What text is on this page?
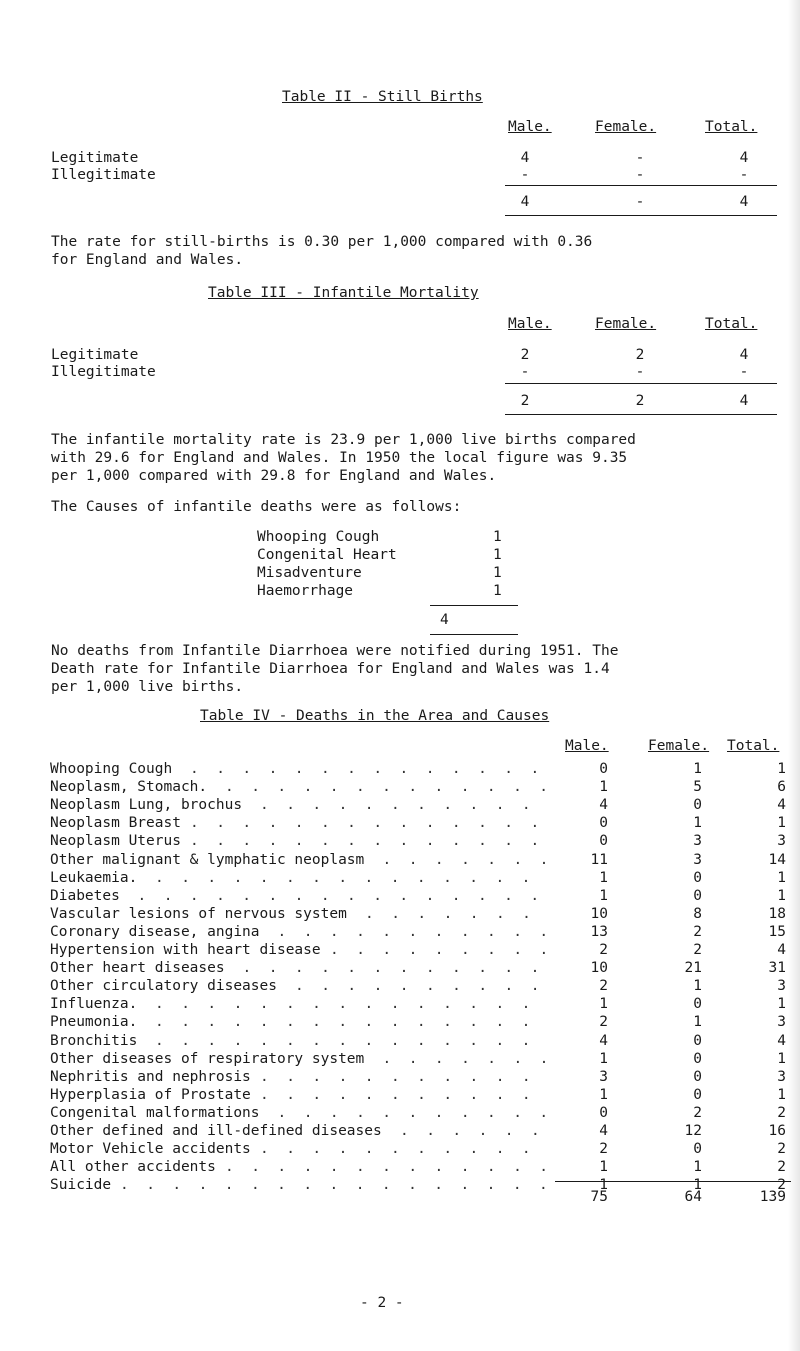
Table II - Still Births
Male.	Female.	Total.
Legitimate	4	-	4
Illegitimate	-	-	-
4	-	4
The rate for still-births is 0.30 per 1,000 compared with 0.36
for England and Wales.
Table III - Infantile Mortality
Male.	Female.	Total.
Legitimate	2	2	4
Illegitimate	-	-	-
2	2	4
The infantile mortality rate is 23.9 per 1,000 live births compared
with 29.6 for England and Wales. In 1950 the local figure was 9.35
per 1,000 compared with 29.8 for England and Wales.
The Causes of infantile deaths were as follows:
Whooping Cough	1
Congenital Heart	1
Misadventure	1
Haemorrhage	1
4
No deaths from Infantile Diarrhoea were notified during 1951. The
Death rate for Infantile Diarrhoea for England and Wales was 1.4
per 1,000 live births.
Table IV - Deaths in the Area and Causes
Male.	Female. Total.
.  .  .  .  .  .  .  .  .  .  .  .  .  .
Whooping Cough	0	1	1
.  .  .  .  .  .  .  .  .  .  .  .  .
Neoplasm, Stomach.	1	5	6
.  .  .  .  .  .  .  .  .  .  .
Neoplasm Lung, brochus	4	0	4
.  .  .  .  .  .  .  .  .  .  .  .  .  .
Neoplasm Breast	0	1	1
.  .  .  .  .  .  .  .  .  .  .  .  .  .
Neoplasm Uterus	0	3	3
.  .  .  .  .  .  .
Other malignant & lymphatic neoplasm	11	3	14
.  .  .  .  .  .  .  .  .  .  .  .  .  .  .
Leukaemia.	1	0	1
.  .  .  .  .  .  .  .  .  .  .  .  .  .  .  .
Diabetes	1	0	1
.  .  .  .  .  .  .
Vascular lesions of nervous system	10	8	18
.  .  .  .  .  .  .  .  .  .  .
Coronary disease, angina	13	2	15
.  .  .  .  .  .  .  .  .
Hypertension with heart disease	2	2	4
.  .  .  .  .  .  .  .  .  .  .  .
Other heart diseases	10	21	31
.  .  .  .  .  .  .  .  .  .
Other circulatory diseases	2	1	3
.  .  .  .  .  .  .  .  .  .  .  .  .  .  .
Influenza.	1	0	1
.  .  .  .  .  .  .  .  .  .  .  .  .  .  .
Pneumonia.	2	1	3
.  .  .  .  .  .  .  .  .  .  .  .  .  .  .
Bronchitis	4	0	4
.  .  .  .  .  .  .
Other diseases of respiratory system	1	0	1
.  .  .  .  .  .  .  .  .  .  .
Nephritis and nephrosis	3	0	3
.  .  .  .  .  .  .  .  .  .  .
Hyperplasia of Prostate	1	0	1
.  .  .  .  .  .  .  .  .  .  .
Congenital malformations	0	2	2
.  .  .  .  .  .
Other defined and ill-defined diseases	4	12	16
.  .  .  .  .  .  .  .  .  .  .
Motor Vehicle accidents	2	0	2
.  .  .  .  .  .  .  .  .  .  .  .  .
All other accidents	1	1	2
.  .  .  .  .  .  .  .  .  .  .  .  .  .  .  .  .
Suicide	1	1	2
75	64	139
- 2 -
